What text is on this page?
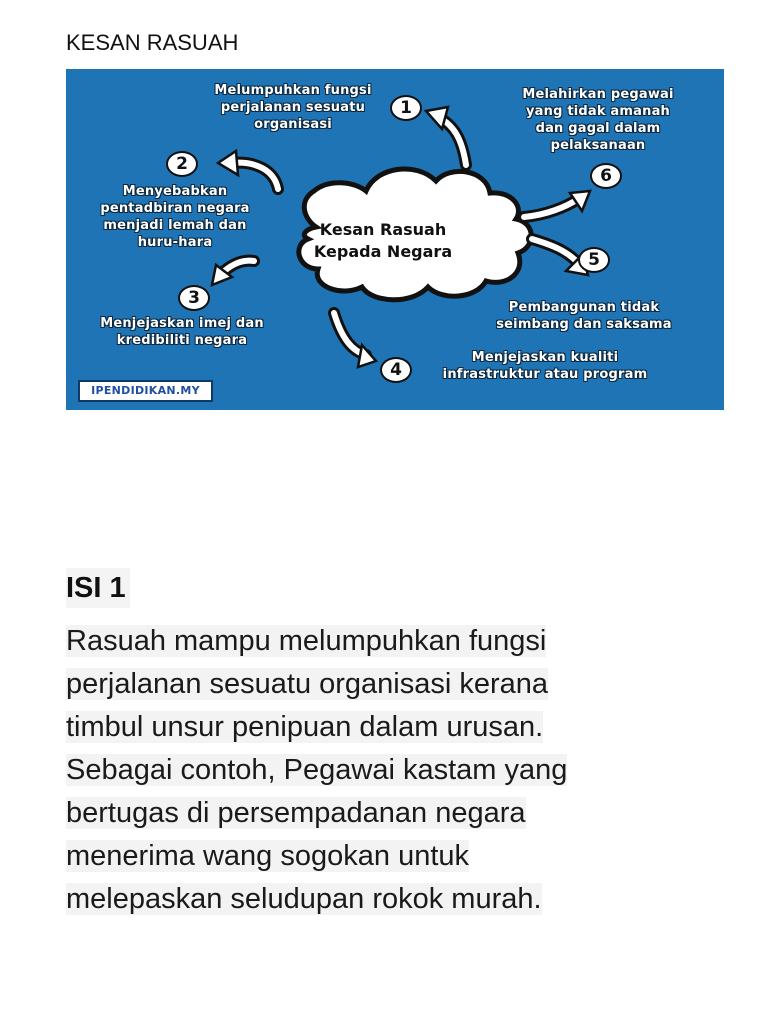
KESAN RASUAH
Kesan Rasuah
Kepada Negara
Melumpuhkan fungsi
perjalanan sesuatu
organisasi
1
2
Menyebabkan
pentadbiran negara
menjadi lemah dan
huru-hara
3
Menjejaskan imej dan
kredibiliti negara
4
Menjejaskan kualiti
infrastruktur atau program
5
Pembangunan tidak
seimbang dan saksama
Melahirkan pegawai
yang tidak amanah
dan gagal dalam
pelaksanaan
6
IPENDIDIKAN.MY
ISI 1
Rasuah mampu melumpuhkan fungsi
perjalanan sesuatu organisasi kerana
timbul unsur penipuan dalam urusan.
Sebagai contoh, Pegawai kastam yang
bertugas di persempadanan negara
menerima wang sogokan untuk
melepaskan seludupan rokok murah.
